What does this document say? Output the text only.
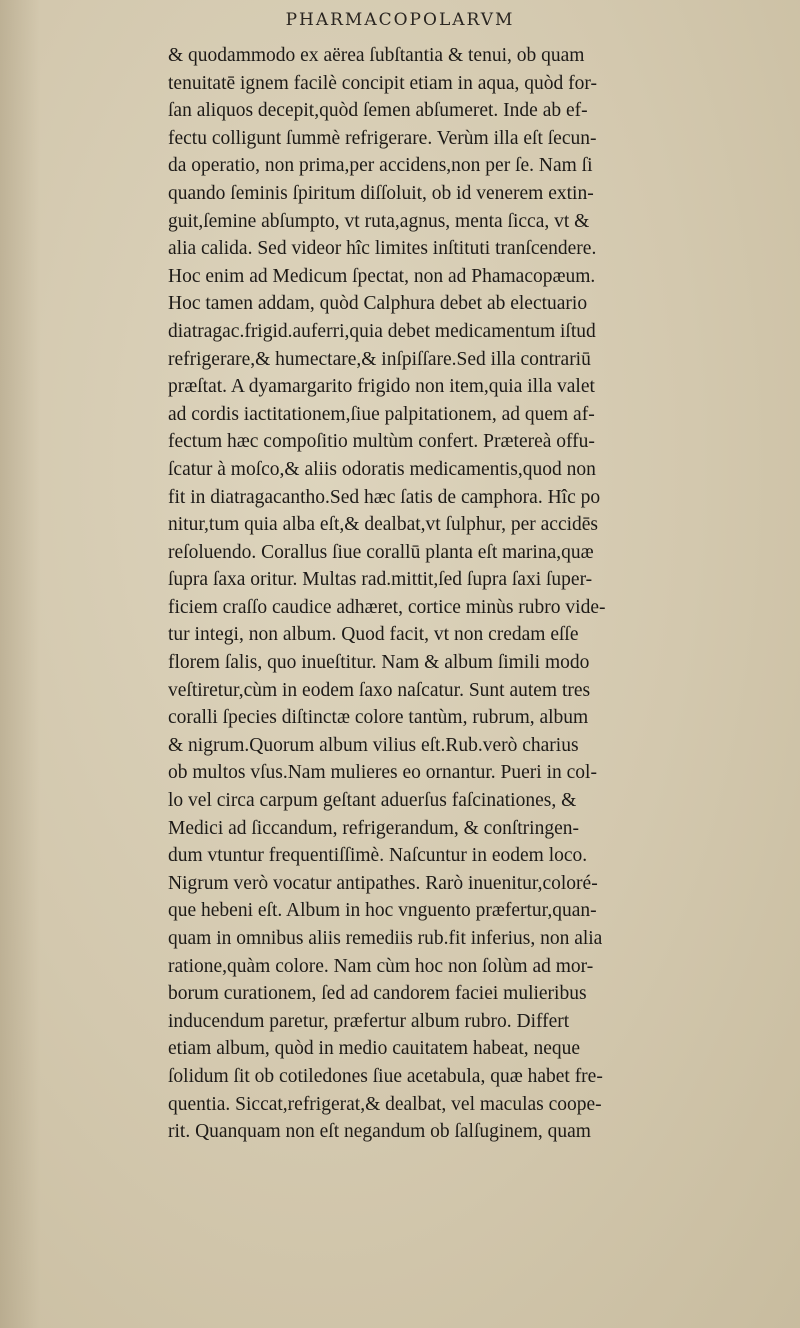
PHARMACOPOLARVM
& quodammodo ex aërea ſubſtantia & tenui, ob quam
tenuitatē ignem facilè concipit etiam in aqua, quòd for-
ſan aliquos decepit,quòd ſemen abſumeret. Inde ab ef-
fectu colligunt ſummè refrigerare. Verùm illa eſt ſecun-
da operatio, non prima,per accidens,non per ſe. Nam ſi
quando ſeminis ſpiritum diſſoluit, ob id venerem extin-
guit,ſemine abſumpto, vt ruta,agnus, menta ſicca, vt &
alia calida. Sed videor hîc limites inſtituti tranſcendere.
Hoc enim ad Medicum ſpectat, non ad Phamacopæum.
Hoc tamen addam, quòd Calphura debet ab electuario
diatragac.frigid.auferri,quia debet medicamentum iſtud
refrigerare,& humectare,& inſpiſſare.Sed illa contrariū
præſtat. A dyamargarito frigido non item,quia illa valet
ad cordis iactitationem,ſiue palpitationem, ad quem af-
fectum hæc compoſitio multùm confert. Prætereà offu-
ſcatur à moſco,& aliis odoratis medicamentis,quod non
fit in diatragacantho.Sed hæc ſatis de camphora. Hîc po
nitur,tum quia alba eſt,& dealbat,vt ſulphur, per accidēs
reſoluendo. Corallus ſiue corallū planta eſt marina,quæ
ſupra ſaxa oritur. Multas rad.mittit,ſed ſupra ſaxi ſuper-
ficiem craſſo caudice adhæret, cortice minùs rubro vide-
tur integi, non album. Quod facit, vt non credam eſſe
florem ſalis, quo inueſtitur. Nam & album ſimili modo
veſtiretur,cùm in eodem ſaxo naſcatur. Sunt autem tres
coralli ſpecies diſtinctæ colore tantùm, rubrum, album
& nigrum.Quorum album vilius eſt.Rub.verò charius
ob multos vſus.Nam mulieres eo ornantur. Pueri in col-
lo vel circa carpum geſtant aduerſus faſcinationes, &
Medici ad ſiccandum, refrigerandum, & conſtringen-
dum vtuntur frequentiſſimè. Naſcuntur in eodem loco.
Nigrum verò vocatur antipathes. Rarò inuenitur,coloré-
que hebeni eſt. Album in hoc vnguento præfertur,quan-
quam in omnibus aliis remediis rub.fit inferius, non alia
ratione,quàm colore. Nam cùm hoc non ſolùm ad mor-
borum curationem, ſed ad candorem faciei mulieribus
inducendum paretur, præfertur album rubro. Differt
etiam album, quòd in medio cauitatem habeat, neque
ſolidum ſit ob cotiledones ſiue acetabula, quæ habet fre-
quentia. Siccat,refrigerat,& dealbat, vel maculas coope-
rit. Quanquam non eſt negandum ob ſalſuginem, quam
